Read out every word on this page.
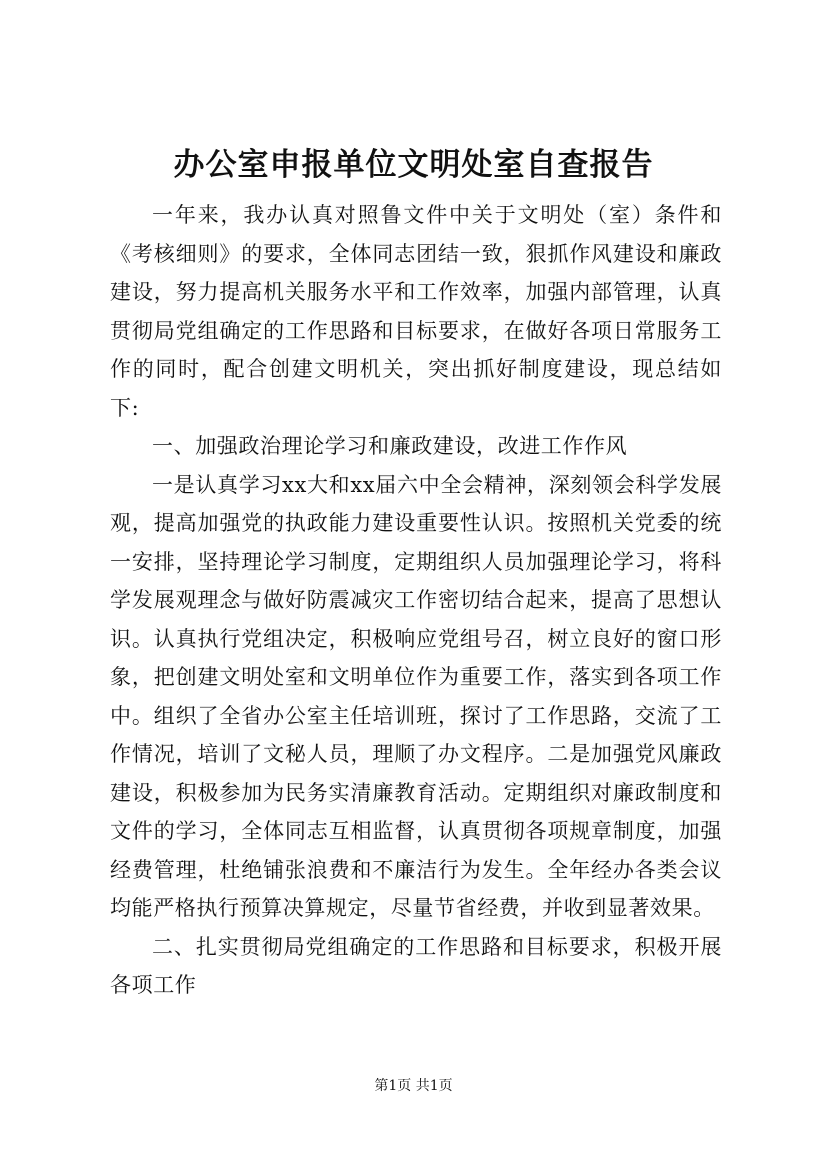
办公室申报单位文明处室自查报告

一年来，我办认真对照鲁文件中关于文明处（室）条件和《考核细则》的要求，全体同志团结一致，狠抓作风建设和廉政建设，努力提高机关服务水平和工作效率，加强内部管理，认真贯彻局党组确定的工作思路和目标要求，在做好各项日常服务工作的同时，配合创建文明机关，突出抓好制度建设，现总结如下:

一、加强政治理论学习和廉政建设，改进工作作风

一是认真学习xx大和xx届六中全会精神，深刻领会科学发展观，提高加强党的执政能力建设重要性认识。按照机关党委的统一安排，坚持理论学习制度，定期组织人员加强理论学习，将科学发展观理念与做好防震减灾工作密切结合起来，提高了思想认识。认真执行党组决定，积极响应党组号召，树立良好的窗口形象，把创建文明处室和文明单位作为重要工作，落实到各项工作中。组织了全省办公室主任培训班，探讨了工作思路，交流了工作情况，培训了文秘人员，理顺了办文程序。二是加强党风廉政建设，积极参加为民务实清廉教育活动。定期组织对廉政制度和文件的学习，全体同志互相监督，认真贯彻各项规章制度，加强经费管理，杜绝铺张浪费和不廉洁行为发生。全年经办各类会议均能严格执行预算决算规定，尽量节省经费，并收到显著效果。

二、扎实贯彻局党组确定的工作思路和目标要求，积极开展各项工作

第1页 共1页
